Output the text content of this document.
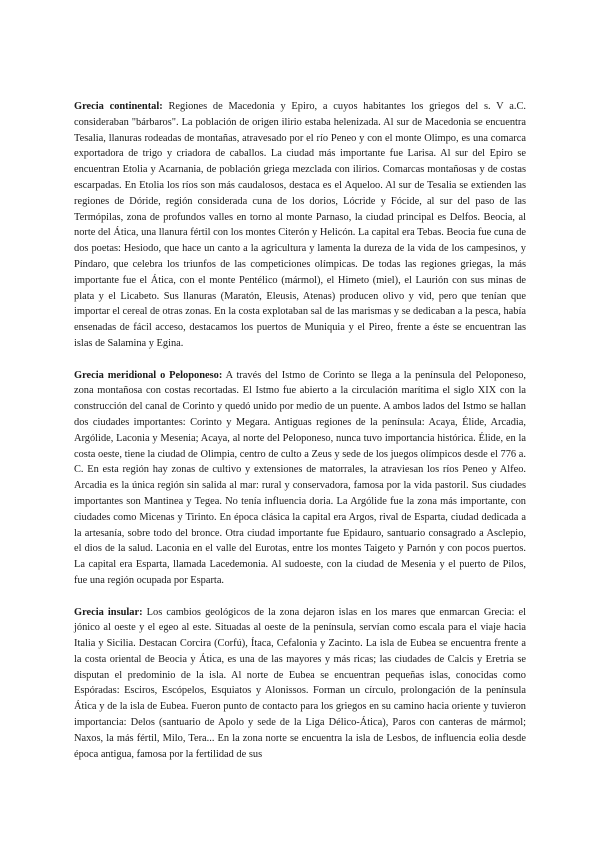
Grecia continental: Regiones de Macedonia y Epiro, a cuyos habitantes los griegos del s. V a.C. consideraban "bárbaros". La población de origen ilirio estaba helenizada. Al sur de Macedonia se encuentra Tesalia, llanuras rodeadas de montañas, atravesado por el río Peneo y con el monte Olimpo, es una comarca exportadora de trigo y criadora de caballos. La ciudad más importante fue Larisa. Al sur del Epiro se encuentran Etolia y Acarnania, de población griega mezclada con ilirios. Comarcas montañosas y de costas escarpadas. En Etolia los ríos son más caudalosos, destaca es el Aqueloo. Al sur de Tesalia se extienden las regiones de Dóride, región considerada cuna de los dorios, Lócride y Fócide, al sur del paso de las Termópilas, zona de profundos valles en torno al monte Parnaso, la ciudad principal es Delfos. Beocia, al norte del Ática, una llanura fértil con los montes Citerón y Helicón. La capital era Tebas. Beocia fue cuna de dos poetas: Hesiodo, que hace un canto a la agricultura y lamenta la dureza de la vida de los campesinos, y Píndaro, que celebra los triunfos de las competiciones olímpicas. De todas las regiones griegas, la más importante fue el Ática, con el monte Pentélico (mármol), el Himeto (miel), el Laurión con sus minas de plata y el Licabeto. Sus llanuras (Maratón, Eleusis, Atenas) producen olivo y vid, pero que tenían que importar el cereal de otras zonas. En la costa explotaban sal de las marismas y se dedicaban a la pesca, había ensenadas de fácil acceso, destacamos los puertos de Muniquia y el Pireo, frente a éste se encuentran las islas de Salamina y Egina.

Grecia meridional o Peloponeso: A través del Istmo de Corinto se llega a la península del Peloponeso, zona montañosa con costas recortadas. El Istmo fue abierto a la circulación marítima el siglo XIX con la construcción del canal de Corinto y quedó unido por medio de un puente. A ambos lados del Istmo se hallan dos ciudades importantes: Corinto y Megara. Antiguas regiones de la península: Acaya, Élide, Arcadia, Argólide, Laconia y Mesenia; Acaya, al norte del Peloponeso, nunca tuvo importancia histórica. Élide, en la costa oeste, tiene la ciudad de Olimpia, centro de culto a Zeus y sede de los juegos olímpicos desde el 776 a. C. En esta región hay zonas de cultivo y extensiones de matorrales, la atraviesan los ríos Peneo y Alfeo. Arcadia es la única región sin salida al mar: rural y conservadora, famosa por la vida pastoril. Sus ciudades importantes son Mantinea y Tegea. No tenía influencia doria. La Argólide fue la zona más importante, con ciudades como Micenas y Tirinto. En época clásica la capital era Argos, rival de Esparta, ciudad dedicada a la artesanía, sobre todo del bronce. Otra ciudad importante fue Epidauro, santuario consagrado a Asclepio, el dios de la salud. Laconia en el valle del Eurotas, entre los montes Taigeto y Parnón y con pocos puertos. La capital era Esparta, llamada Lacedemonia. Al sudoeste, con la ciudad de Mesenia y el puerto de Pilos, fue una región ocupada por Esparta.

Grecia insular: Los cambios geológicos de la zona dejaron islas en los mares que enmarcan Grecia: el jónico al oeste y el egeo al este. Situadas al oeste de la península, servían como escala para el viaje hacia Italia y Sicilia. Destacan Corcira (Corfú), Ítaca, Cefalonia y Zacinto. La isla de Eubea se encuentra frente a la costa oriental de Beocia y Ática, es una de las mayores y más ricas; las ciudades de Calcis y Eretria se disputan el predominio de la isla. Al norte de Eubea se encuentran pequeñas islas, conocidas como Espóradas: Esciros, Escópelos, Esquiatos y Alonissos. Forman un círculo, prolongación de la península Ática y de la isla de Eubea. Fueron punto de contacto para los griegos en su camino hacia oriente y tuvieron importancia: Delos (santuario de Apolo y sede de la Liga Délico-Ática), Paros con canteras de mármol; Naxos, la más fértil, Milo, Tera... En la zona norte se encuentra la isla de Lesbos, de influencia eolia desde época antigua, famosa por la fertilidad de sus
